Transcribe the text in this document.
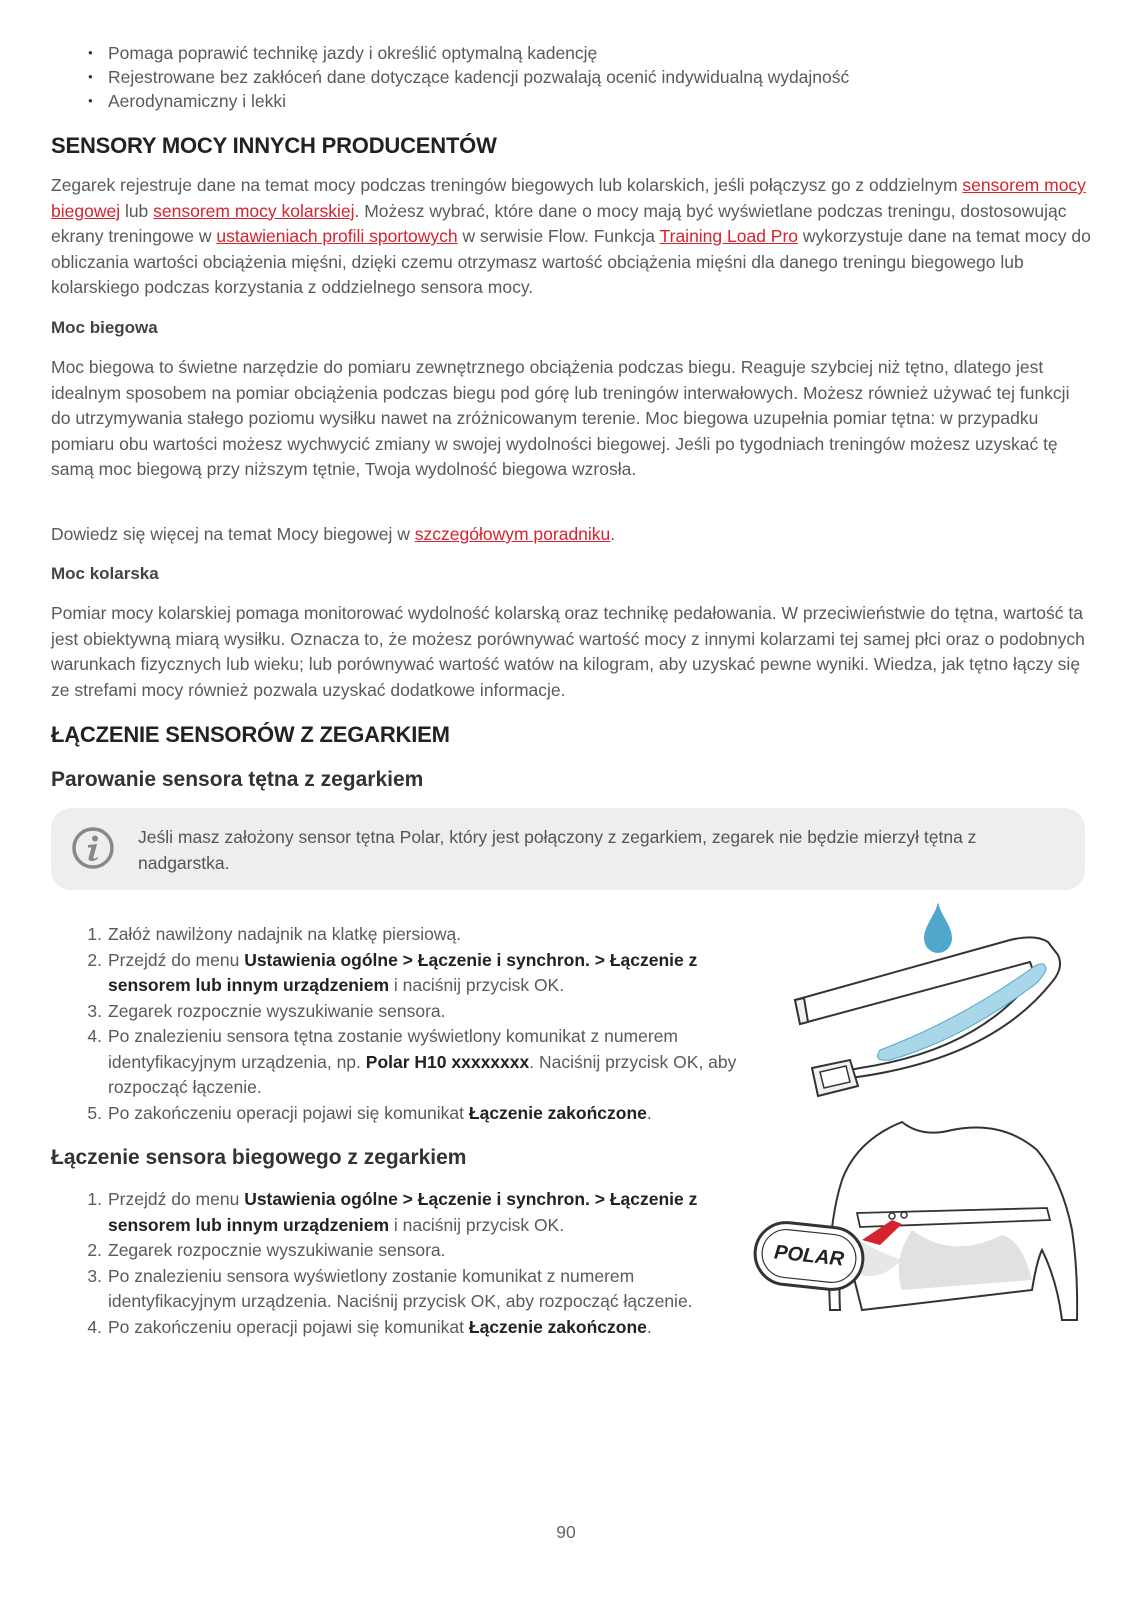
● Pomaga poprawić technikę jazdy i określić optymalną kadencję
● Rejestrowane bez zakłóceń dane dotyczące kadencji pozwalają ocenić indywidualną wydajność
● Aerodynamiczny i lekki
SENSORY MOCY INNYCH PRODUCENTÓW

Zegarek rejestruje dane na temat mocy podczas treningów biegowych lub kolarskich, jeśli połączysz go z oddzielnym sensorem mocy biegowej lub sensorem mocy kolarskiej. Możesz wybrać, które dane o mocy mają być wyświetlane podczas treningu, dostosowując ekrany treningowe w ustawieniach profili sportowych w serwisie Flow. Funkcja Training Load Pro wykorzystuje dane na temat mocy do obliczania wartości obciążenia mięśni, dzięki czemu otrzymasz wartość obciążenia mięśni dla danego treningu biegowego lub kolarskiego podczas korzystania z oddzielnego sensora mocy.

Moc biegowa

Moc biegowa to świetne narzędzie do pomiaru zewnętrznego obciążenia podczas biegu. Reaguje szybciej niż tętno, dlatego jest idealnym sposobem na pomiar obciążenia podczas biegu pod górę lub treningów interwałowych. Możesz również używać tej funkcji do utrzymywania stałego poziomu wysiłku nawet na zróżnicowanym terenie. Moc biegowa uzupełnia pomiar tętna: w przypadku pomiaru obu wartości możesz wychwycić zmiany w swojej wydolności biegowej. Jeśli po tygodniach treningów możesz uzyskać tę samą moc biegową przy niższym tętnie, Twoja wydolność biegowa wzrosła.

Dowiedz się więcej na temat Mocy biegowej w szczegółowym poradniku.

Moc kolarska

Pomiar mocy kolarskiej pomaga monitorować wydolność kolarską oraz technikę pedałowania. W przeciwieństwie do tętna, wartość ta jest obiektywną miarą wysiłku. Oznacza to, że możesz porównywać wartość mocy z innymi kolarzami tej samej płci oraz o podobnych warunkach fizycznych lub wieku; lub porównywać wartość watów na kilogram, aby uzyskać pewne wyniki. Wiedza, jak tętno łączy się ze strefami mocy również pozwala uzyskać dodatkowe informacje.

ŁĄCZENIE SENSORÓW Z ZEGARKIEM
Parowanie sensora tętna z zegarkiem
Jeśli masz założony sensor tętna Polar, który jest połączony z zegarkiem, zegarek nie będzie mierzył tętna z nadgarstka.
1. Załóż nawilżony nadajnik na klatkę piersiową.
2. Przejdź do menu Ustawienia ogólne > Łączenie i synchron. > Łączenie z sensorem lub innym urządzeniem i naciśnij przycisk OK.
3. Zegarek rozpocznie wyszukiwanie sensora.
4. Po znalezieniu sensora tętna zostanie wyświetlony komunikat z numerem identyfikacyjnym urządzenia, np. Polar H10 xxxxxxxx. Naciśnij przycisk OK, aby rozpocząć łączenie.
5. Po zakończeniu operacji pojawi się komunikat Łączenie zakończone.
Łączenie sensora biegowego z zegarkiem
1. Przejdź do menu Ustawienia ogólne > Łączenie i synchron. > Łączenie z sensorem lub innym urządzeniem i naciśnij przycisk OK.
2. Zegarek rozpocznie wyszukiwanie sensora.
3. Po znalezieniu sensora wyświetlony zostanie komunikat z numerem identyfikacyjnym urządzenia. Naciśnij przycisk OK, aby rozpocząć łączenie.
4. Po zakończeniu operacji pojawi się komunikat Łączenie zakończone.
POLAR
90
